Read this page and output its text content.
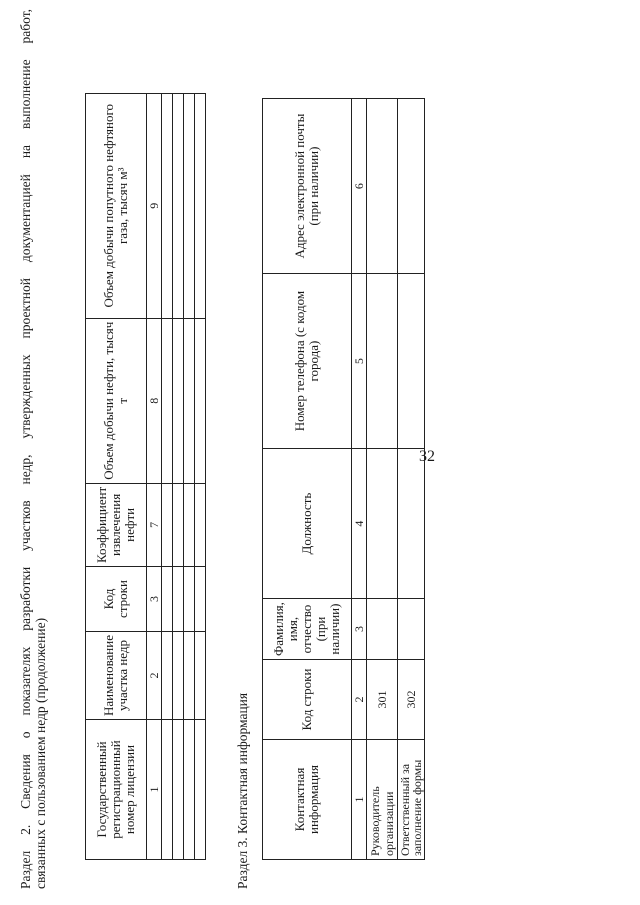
32
Раздел 2. Сведения о показателях разработки участков недр, утвержденных проектной документацией на выполнение работ, связанных с пользованием недр (продолжение)	Государственный регистрационный номер лицензии	Наименование участка недр	Код строки	Коэффициент извлечения нефти	Объем добычи нефти, тысяч т	Объем добычи попутного нефтяного газа, тысяч м³
1	2	3	7	8	9

Раздел 3. Контактная информация	Контактная информация	Код строки	Фамилия, имя, отчество (при наличии)	Должность	Номер телефона (с кодом города)	Адрес электронной почты (при наличии)
1	2	3	4	5	6
Руководитель организации	301				
Ответственный за заполнение формы	302				
